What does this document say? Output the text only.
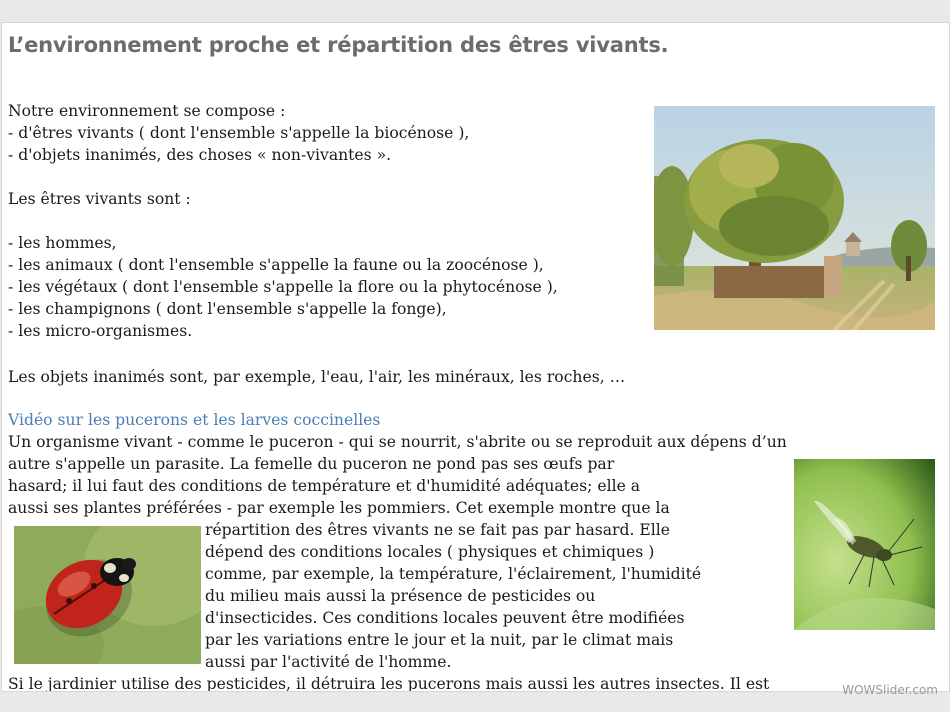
L’environnement proche et répartition des êtres vivants.
Notre environnement se compose :
- d'êtres vivants ( dont l'ensemble s'appelle la biocénose ),
- d'objets inanimés, des choses « non-vivantes ».
Les êtres vivants sont :
- les hommes,
- les animaux ( dont l'ensemble s'appelle la faune ou la zoocénose ),
- les végétaux ( dont l'ensemble s'appelle la flore ou la phytocénose ),
- les champignons ( dont l'ensemble s'appelle la fonge),
- les micro-organismes.
Les objets inanimés sont, par exemple, l'eau, l'air, les minéraux, les roches, …
Vidéo sur les pucerons et les larves coccinelles
Un organisme vivant - comme le puceron - qui se nourrit, s'abrite ou se reproduit aux dépens d’un
autre s'appelle un parasite. La femelle du puceron ne pond pas ses œufs par
hasard; il lui faut des conditions de température et d'humidité adéquates; elle a
aussi ses plantes préférées - par exemple les pommiers. Cet exemple montre que la
répartition des êtres vivants ne se fait pas par hasard. Elle
dépend des conditions locales ( physiques et chimiques )
comme, par exemple, la température, l'éclairement, l'humidité
du milieu mais aussi la présence de pesticides ou
d'insecticides. Ces conditions locales peuvent être modifiées
par les variations entre le jour et la nuit, par le climat mais
aussi par l'activité de l'homme.
Si le jardinier utilise des pesticides, il détruira les pucerons mais aussi les autres insectes. Il est	WOWSlider.com
